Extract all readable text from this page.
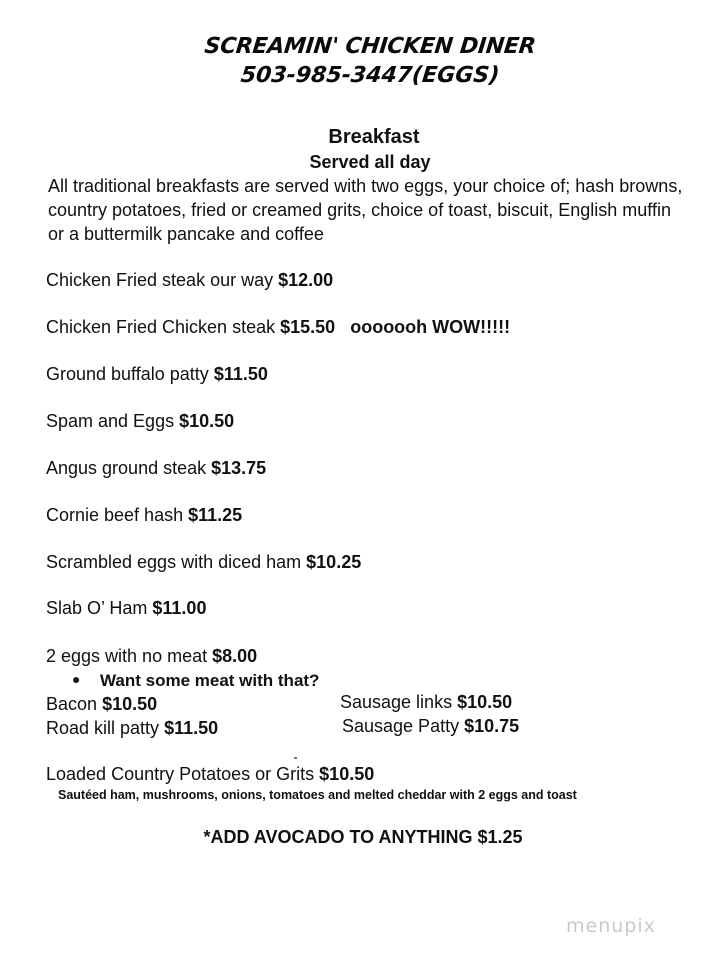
SCREAMIN' CHICKEN DINER
503-985-3447(EGGS)
Breakfast
Served all day
All traditional breakfasts are served with two eggs, your choice of; hash browns, country potatoes, fried or creamed grits, choice of toast, biscuit, English muffin or a buttermilk pancake and coffee
Chicken Fried steak our way $12.00
Chicken Fried Chicken steak $15.50 ooooooh WOW!!!!!
Ground buffalo patty $11.50
Spam and Eggs $10.50
Angus ground steak $13.75
Cornie beef hash $11.25
Scrambled eggs with diced ham $10.25
Slab O’ Ham $11.00
2 eggs with no meat $8.00
● Want some meat with that?
Bacon $10.50	Sausage links $10.50
Road kill patty $11.50	Sausage Patty $10.75
Loaded Country Potatoes or Grits $10.50
Sautéed ham, mushrooms, onions, tomatoes and melted cheddar with 2 eggs and toast
*ADD AVOCADO TO ANYTHING $1.25
menupix
